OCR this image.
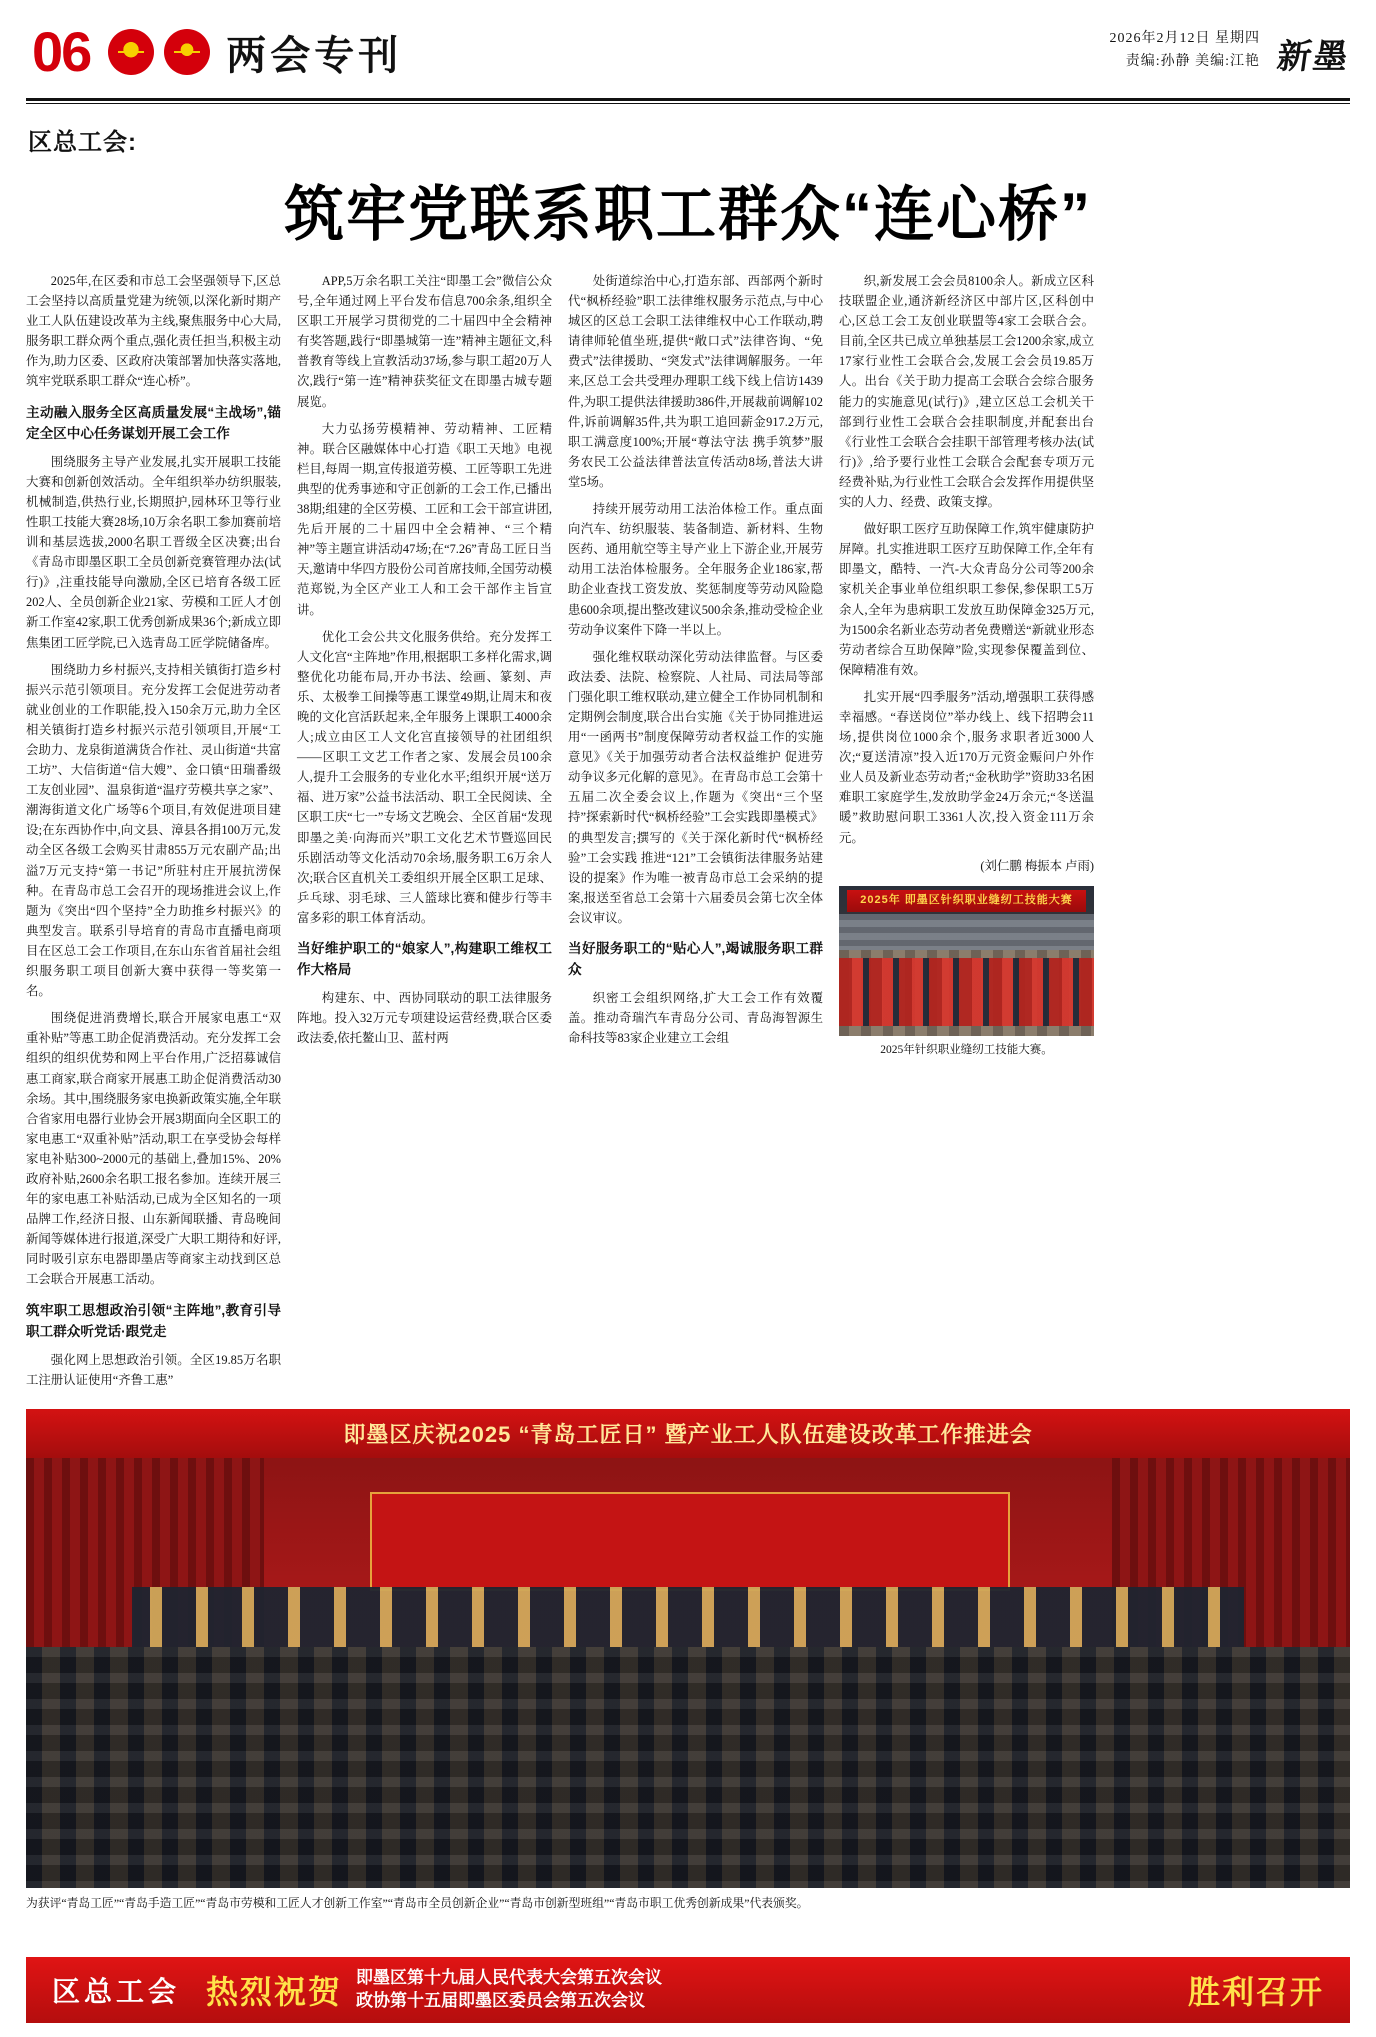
06	两会专刊	2026年2月12日 星期四
责编:孙静 美编:江艳 新墨
区总工会:
筑牢党联系职工群众“连心桥”

2025年,在区委和市总工会坚强领导下,区总工会坚持以高质量党建为统领,以深化新时期产业工人队伍建设改革为主线,聚焦服务中心大局,服务职工群众两个重点,强化责任担当,积极主动作为,助力区委、区政府决策部署加快落实落地,筑牢党联系职工群众“连心桥”。

主动融入服务全区高质量发展“主战场”,锚定全区中心任务谋划开展工会工作

围绕服务主导产业发展,扎实开展职工技能大赛和创新创效活动。全年组织举办纺织服装,机械制造,供热行业,长期照护,园林环卫等行业性职工技能大赛28场,10万余名职工参加赛前培训和基层选拔,2000名职工晋级全区决赛;出台《青岛市即墨区职工全员创新竞赛管理办法(试行)》,注重技能导向激励,全区已培育各级工匠202人、全员创新企业21家、劳模和工匠人才创新工作室42家,职工优秀创新成果36个;新成立即焦集团工匠学院,已入选青岛工匠学院储备库。

围绕助力乡村振兴,支持相关镇街打造乡村振兴示范引领项目。充分发挥工会促进劳动者就业创业的工作职能,投入150余万元,助力全区相关镇街打造乡村振兴示范引领项目,开展“工会助力、龙泉街道满货合作社、灵山街道“共富工坊”、大信街道“信大嫂”、金口镇“田瑞番级工友创业园”、温泉街道“温疗劳模共享之家”、潮海街道文化广场等6个项目,有效促进项目建设;在东西协作中,向文县、漳县各捐100万元,发动全区各级工会购买甘肃855万元农副产品;出溢7万元支持“第一书记”所驻村庄开展抗涝保种。在青岛市总工会召开的现场推进会议上,作题为《突出“四个坚持”全力助推乡村振兴》的典型发言。联系引导培育的青岛市直播电商项目在区总工会工作项目,在东山东省首届社会组织服务职工项目创新大赛中获得一等奖第一名。

围绕促进消费增长,联合开展家电惠工“双重补贴”等惠工助企促消费活动。充分发挥工会组织的组织优势和网上平台作用,广泛招募诚信惠工商家,联合商家开展惠工助企促消费活动30余场。其中,围绕服务家电换新政策实施,全年联合省家用电器行业协会开展3期面向全区职工的家电惠工“双重补贴”活动,职工在享受协会每样家电补贴300~2000元的基础上,叠加15%、20%政府补贴,2600余名职工报名参加。连续开展三年的家电惠工补贴活动,已成为全区知名的一项品牌工作,经济日报、山东新闻联播、青岛晚间新闻等媒体进行报道,深受广大职工期待和好评,同时吸引京东电器即墨店等商家主动找到区总工会联合开展惠工活动。

筑牢职工思想政治引领“主阵地”,教育引导职工群众听党话·跟党走

强化网上思想政治引领。全区19.85万名职工注册认证使用“齐鲁工惠”

APP,5万余名职工关注“即墨工会”微信公众号,全年通过网上平台发布信息700余条,组织全区职工开展学习贯彻党的二十届四中全会精神有奖答题,践行“即墨城第一连”精神主题征文,科普教育等线上宣教活动37场,参与职工超20万人次,践行“第一连”精神获奖征文在即墨古城专题展览。

大力弘扬劳模精神、劳动精神、工匠精神。联合区融媒体中心打造《职工天地》电视栏目,每周一期,宣传报道劳模、工匠等职工先进典型的优秀事迹和守正创新的工会工作,已播出38期;组建的全区劳模、工匠和工会干部宣讲团,先后开展的二十届四中全会精神、“三个精神”等主题宣讲活动47场;在“7.26”青岛工匠日当天,邀请中华四方股份公司首席技师,全国劳动模范郑锐,为全区产业工人和工会干部作主旨宣讲。

优化工会公共文化服务供给。充分发挥工人文化宫“主阵地”作用,根据职工多样化需求,调整优化功能布局,开办书法、绘画、篆刻、声乐、太极拳工间操等惠工课堂49期,让周末和夜晚的文化宫活跃起来,全年服务上课职工4000余人;成立由区工人文化宫直接领导的社团组织——区职工文艺工作者之家、发展会员100余人,提升工会服务的专业化水平;组织开展“送万福、进万家”公益书法活动、职工全民阅读、全区职工庆“七一”专场文艺晚会、全区首届“发现即墨之美·向海而兴”职工文化艺术节暨巡回民乐剧活动等文化活动70余场,服务职工6万余人次;联合区直机关工委组织开展全区职工足球、乒乓球、羽毛球、三人篮球比赛和健步行等丰富多彩的职工体育活动。

当好维护职工的“娘家人”,构建职工维权工作大格局

构建东、中、西协同联动的职工法律服务阵地。投入32万元专项建设运营经费,联合区委政法委,依托鳌山卫、蓝村两

处街道综治中心,打造东部、西部两个新时代“枫桥经验”职工法律维权服务示范点,与中心城区的区总工会职工法律维权中心工作联动,聘请律师轮值坐班,提供“敞口式”法律咨询、“免费式”法律援助、“突发式”法律调解服务。一年来,区总工会共受理办理职工线下线上信访1439件,为职工提供法律援助386件,开展裁前调解102件,诉前调解35件,共为职工追回薪金917.2万元,职工满意度100%;开展“尊法守法 携手筑梦”服务农民工公益法律普法宣传活动8场,普法大讲堂5场。

持续开展劳动用工法治体检工作。重点面向汽车、纺织服装、装备制造、新材料、生物医药、通用航空等主导产业上下游企业,开展劳动用工法治体检服务。全年服务企业186家,帮助企业查找工资发放、奖惩制度等劳动风险隐患600余项,提出整改建议500余条,推动受检企业劳动争议案件下降一半以上。

强化维权联动深化劳动法律监督。与区委政法委、法院、检察院、人社局、司法局等部门强化职工维权联动,建立健全工作协同机制和定期例会制度,联合出台实施《关于协同推进运用“一函两书”制度保障劳动者权益工作的实施意见》《关于加强劳动者合法权益维护 促进劳动争议多元化解的意见》。在青岛市总工会第十五届二次全委会议上,作题为《突出“三个坚持”探索新时代“枫桥经验”工会实践即墨模式》的典型发言;撰写的《关于深化新时代“枫桥经验”工会实践 推进“121”工会镇街法律服务站建设的提案》作为唯一被青岛市总工会采纳的提案,报送至省总工会第十六届委员会第七次全体会议审议。

当好服务职工的“贴心人”,竭诚服务职工群众

织密工会组织网络,扩大工会工作有效覆盖。推动奇瑞汽车青岛分公司、青岛海智源生命科技等83家企业建立工会组

织,新发展工会会员8100余人。新成立区科技联盟企业,通济新经济区中部片区,区科创中心,区总工会工友创业联盟等4家工会联合会。目前,全区共已成立单独基层工会1200余家,成立17家行业性工会联合会,发展工会会员19.85万人。出台《关于助力提高工会联合会综合服务能力的实施意见(试行)》,建立区总工会机关干部到行业性工会联合会挂职制度,并配套出台《行业性工会联合会挂职干部管理考核办法(试行)》,给予要行业性工会联合会配套专项万元经费补贴,为行业性工会联合会发挥作用提供坚实的人力、经费、政策支撑。

做好职工医疗互助保障工作,筑牢健康防护屏障。扎实推进职工医疗互助保障工作,全年有即墨文，酷特、一汽-大众青岛分公司等200余家机关企事业单位组织职工参保,参保职工5万余人,全年为患病职工发放互助保障金325万元,为1500余名新业态劳动者免费赠送“新就业形态劳动者综合互助保障”险,实现参保覆盖到位、保障精准有效。

扎实开展“四季服务”活动,增强职工获得感幸福感。“春送岗位”举办线上、线下招聘会11场,提供岗位1000余个,服务求职者近3000人次;“夏送清凉”投入近170万元资金赈问户外作业人员及新业态劳动者;“金秋助学”资助33名困难职工家庭学生,发放助学金24万余元;“冬送温暖”救助慰问职工3361人次,投入资金111万余元。

(刘仁鹏 梅振本 卢雨)
2025年 即墨区针织职业缝纫工技能大赛
2025年针织职业缝纫工技能大赛。
即墨区庆祝2025 “青岛工匠日” 暨产业工人队伍建设改革工作推进会
为获评“青岛工匠”“青岛手造工匠”“青岛市劳模和工匠人才创新工作室”“青岛市全员创新企业”“青岛市创新型班组”“青岛市职工优秀创新成果”代表颁奖。
区总工会 热烈祝贺 即墨区第十九届人民代表大会第五次会议
政协第十五届即墨区委员会第五次会议	胜利召开
